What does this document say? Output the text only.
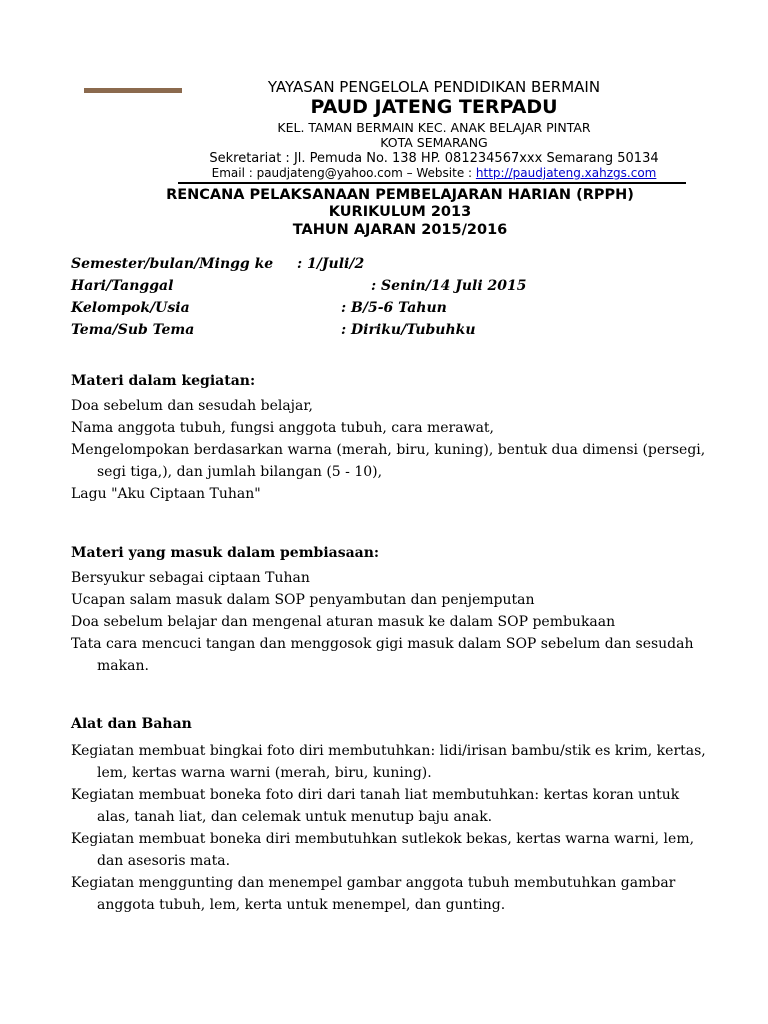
YAYASAN PENGELOLA PENDIDIKAN BERMAIN
PAUD JATENG TERPADU
KEL. TAMAN BERMAIN KEC. ANAK BELAJAR PINTAR
KOTA SEMARANG
Sekretariat : Jl. Pemuda No. 138 HP. 081234567xxx Semarang 50134
Email : paudjateng@yahoo.com – Website : http://paudjateng.xahzgs.com
RENCANA PELAKSANAAN PEMBELAJARAN HARIAN (RPPH)
KURIKULUM 2013
TAHUN AJARAN 2015/2016
Semester/bulan/Mingg ke : 1/Juli/2
Hari/Tanggal	: Senin/14 Juli 2015
Kelompok/Usia	: B/5-6 Tahun
Tema/Sub Tema	: Diriku/Tubuhku
Materi dalam kegiatan:

Doa sebelum dan sesudah belajar,

Nama anggota tubuh, fungsi anggota tubuh, cara merawat,

Mengelompokan berdasarkan warna (merah, biru, kuning), bentuk dua dimensi (persegi, segi tiga,), dan jumlah bilangan (5 - 10),

Lagu "Aku Ciptaan Tuhan"

Materi yang masuk dalam pembiasaan:

Bersyukur sebagai ciptaan Tuhan

Ucapan salam masuk dalam SOP penyambutan dan penjemputan

Doa sebelum belajar dan mengenal aturan masuk ke dalam SOP pembukaan

Tata cara mencuci tangan dan menggosok gigi masuk dalam SOP sebelum dan sesudah makan.

Alat dan Bahan

Kegiatan membuat bingkai foto diri membutuhkan: lidi/irisan bambu/stik es krim, kertas, lem, kertas warna warni (merah, biru, kuning).

Kegiatan membuat boneka foto diri dari tanah liat membutuhkan: kertas koran untuk alas, tanah liat, dan celemak untuk menutup baju anak.

Kegiatan membuat boneka diri membutuhkan sutlekok bekas, kertas warna warni, lem, dan asesoris mata.

Kegiatan menggunting dan menempel gambar anggota tubuh membutuhkan gambar anggota tubuh, lem, kerta untuk menempel, dan gunting.
